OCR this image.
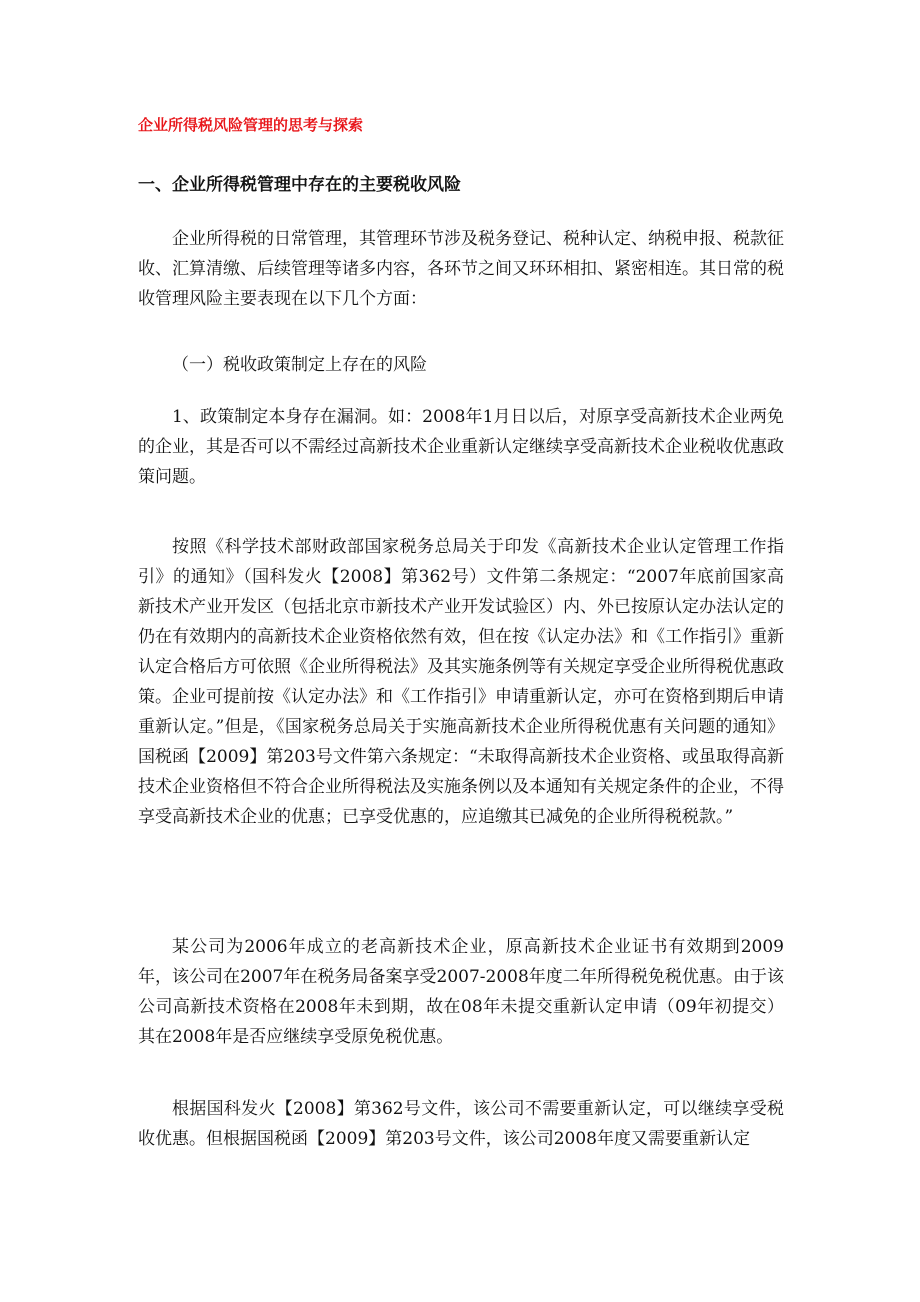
企业所得税风险管理的思考与探索
一、企业所得税管理中存在的主要税收风险

企业所得税的日常管理，其管理环节涉及税务登记、税种认定、纳税申报、税款征收、汇算清缴、后续管理等诸多内容，各环节之间又环环相扣、紧密相连。其日常的税收管理风险主要表现在以下几个方面：

（一）税收政策制定上存在的风险

1、政策制定本身存在漏洞。如：2008年1月日以后，对原享受高新技术企业两免的企业，其是否可以不需经过高新技术企业重新认定继续享受高新技术企业税收优惠政策问题。

按照《科学技术部财政部国家税务总局关于印发《高新技术企业认定管理工作指引》的通知》（国科发火【2008】第362号）文件第二条规定：“2007年底前国家高新技术产业开发区（包括北京市新技术产业开发试验区）内、外已按原认定办法认定的仍在有效期内的高新技术企业资格依然有效，但在按《认定办法》和《工作指引》重新认定合格后方可依照《企业所得税法》及其实施条例等有关规定享受企业所得税优惠政策。企业可提前按《认定办法》和《工作指引》申请重新认定，亦可在资格到期后申请重新认定。”但是，《国家税务总局关于实施高新技术企业所得税优惠有关问题的通知》国税函【2009】第203号文件第六条规定：“未取得高新技术企业资格、或虽取得高新技术企业资格但不符合企业所得税法及实施条例以及本通知有关规定条件的企业，不得享受高新技术企业的优惠；已享受优惠的，应追缴其已减免的企业所得税税款。”

某公司为2006年成立的老高新技术企业，原高新技术企业证书有效期到2009年，该公司在2007年在税务局备案享受2007-2008年度二年所得税免税优惠。由于该公司高新技术资格在2008年未到期，故在08年未提交重新认定申请（09年初提交）其在2008年是否应继续享受原免税优惠。

根据国科发火【2008】第362号文件，该公司不需要重新认定，可以继续享受税收优惠。但根据国税函【2009】第203号文件，该公司2008年度又需要重新认定
